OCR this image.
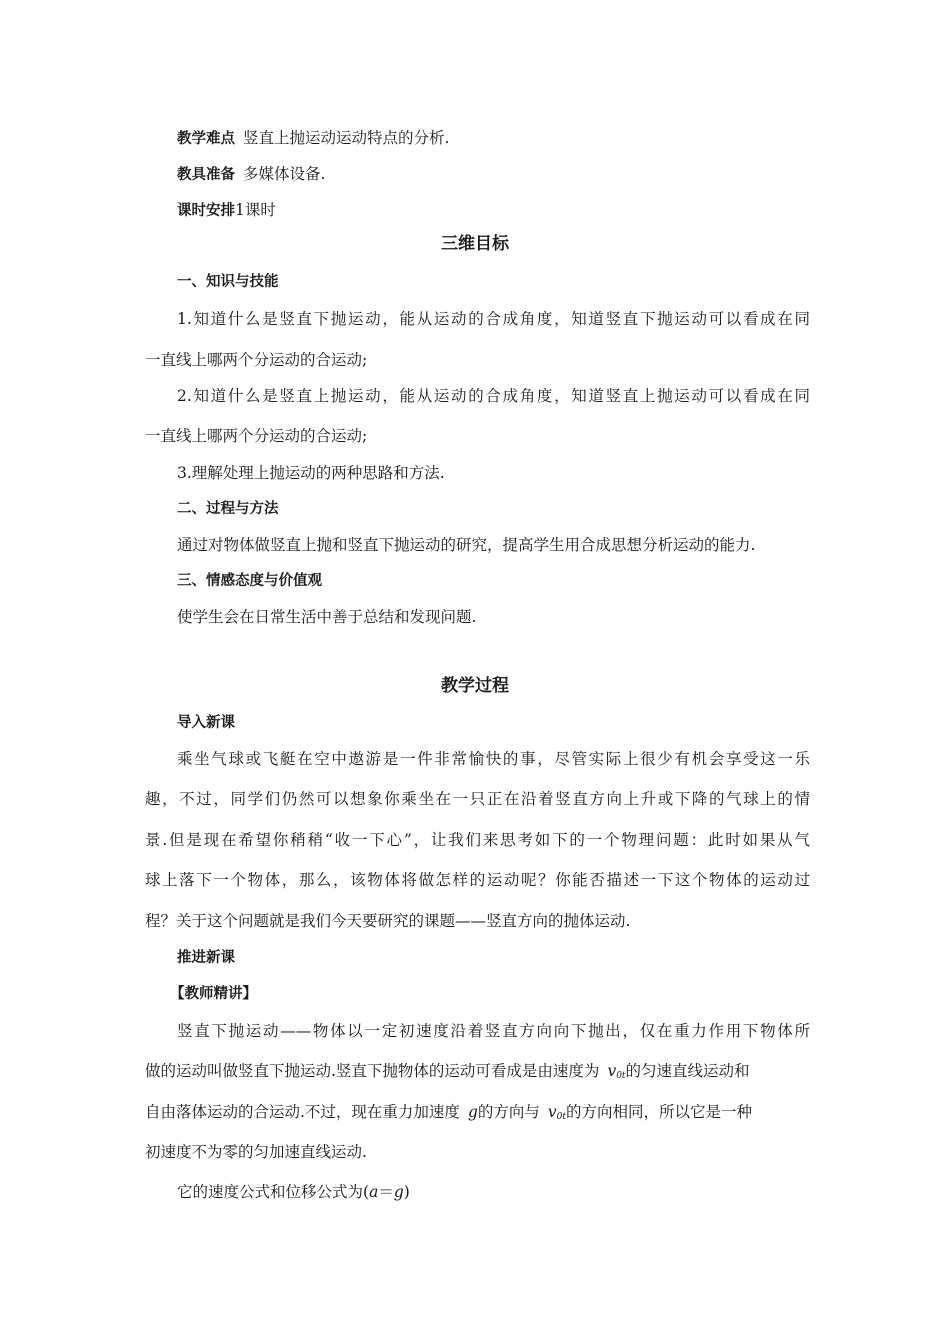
教学难点 竖直上抛运动运动特点的分析.
教具准备 多媒体设备.
课时安排1课时
三维目标
一、知识与技能
1.知道什么是竖直下抛运动，能从运动的合成角度，知道竖直下抛运动可以看成在同
一直线上哪两个分运动的合运动;
2.知道什么是竖直上抛运动，能从运动的合成角度，知道竖直上抛运动可以看成在同
一直线上哪两个分运动的合运动;
3.理解处理上抛运动的两种思路和方法.
二、过程与方法
通过对物体做竖直上抛和竖直下抛运动的研究，提高学生用合成思想分析运动的能力.
三、情感态度与价值观
使学生会在日常生活中善于总结和发现问题.
教学过程
导入新课
乘坐气球或飞艇在空中遨游是一件非常愉快的事，尽管实际上很少有机会享受这一乐
趣，不过，同学们仍然可以想象你乘坐在一只正在沿着竖直方向上升或下降的气球上的情
景.但是现在希望你稍稍“收一下心”，让我们来思考如下的一个物理问题：此时如果从气
球上落下一个物体，那么，该物体将做怎样的运动呢？你能否描述一下这个物体的运动过
程？关于这个问题就是我们今天要研究的课题——竖直方向的抛体运动.
推进新课
【教师精讲】
竖直下抛运动——物体以一定初速度沿着竖直方向向下抛出，仅在重力作用下物体所
做的运动叫做竖直下抛运动.竖直下抛物体的运动可看成是由速度为 $v_{0t}$的匀速直线运动和
自由落体运动的合运动.不过，现在重力加速度 g的方向与 $v_{0t}$的方向相同，所以它是一种
初速度不为零的匀加速直线运动.
它的速度公式和位移公式为(a＝g)
